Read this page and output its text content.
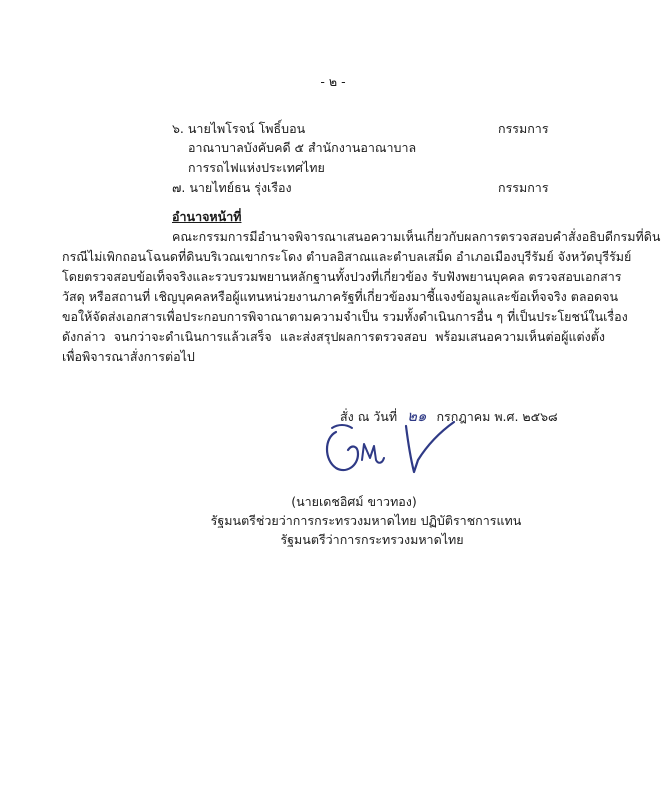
- ๒ -
๖. นายไพโรจน์ โพธิ์บอน	กรรมการ
อาณาบาลบังคับคดี ๕ สำนักงานอาณาบาล
การรถไฟแห่งประเทศไทย
๗. นายไทย์ธน รุ่งเรือง	กรรมการ
อำนาจหน้าที่
คณะกรรมการมีอำนาจพิจารณาเสนอความเห็นเกี่ยวกับผลการตรวจสอบคำสั่งอธิบดีกรมที่ดิน
กรณีไม่เพิกถอนโฉนดที่ดินบริเวณเขากระโดง ตำบลอิสาณและตำบลเสม็ด อำเภอเมืองบุรีรัมย์ จังหวัดบุรีรัมย์
โดยตรวจสอบข้อเท็จจริงและรวบรวมพยานหลักฐานทั้งปวงที่เกี่ยวข้อง รับฟังพยานบุคคล ตรวจสอบเอกสาร
วัสดุ หรือสถานที่ เชิญบุคคลหรือผู้แทนหน่วยงานภาครัฐที่เกี่ยวข้องมาชี้แจงข้อมูลและข้อเท็จจริง ตลอดจน
ขอให้จัดส่งเอกสารเพื่อประกอบการพิจาณาตามความจำเป็น รวมทั้งดำเนินการอื่น ๆ ที่เป็นประโยชน์ในเรื่อง
ดังกล่าว จนกว่าจะดำเนินการแล้วเสร็จ และส่งสรุปผลการตรวจสอบ พร้อมเสนอความเห็นต่อผู้แต่งตั้ง
เพื่อพิจารณาสั่งการต่อไป
สั่ง ณ วันที่ ๒๑ กรกฎาคม พ.ศ. ๒๕๖๘
(นายเดชอิศม์ ขาวทอง)
รัฐมนตรีช่วยว่าการกระทรวงมหาดไทย ปฏิบัติราชการแทน
รัฐมนตรีว่าการกระทรวงมหาดไทย
